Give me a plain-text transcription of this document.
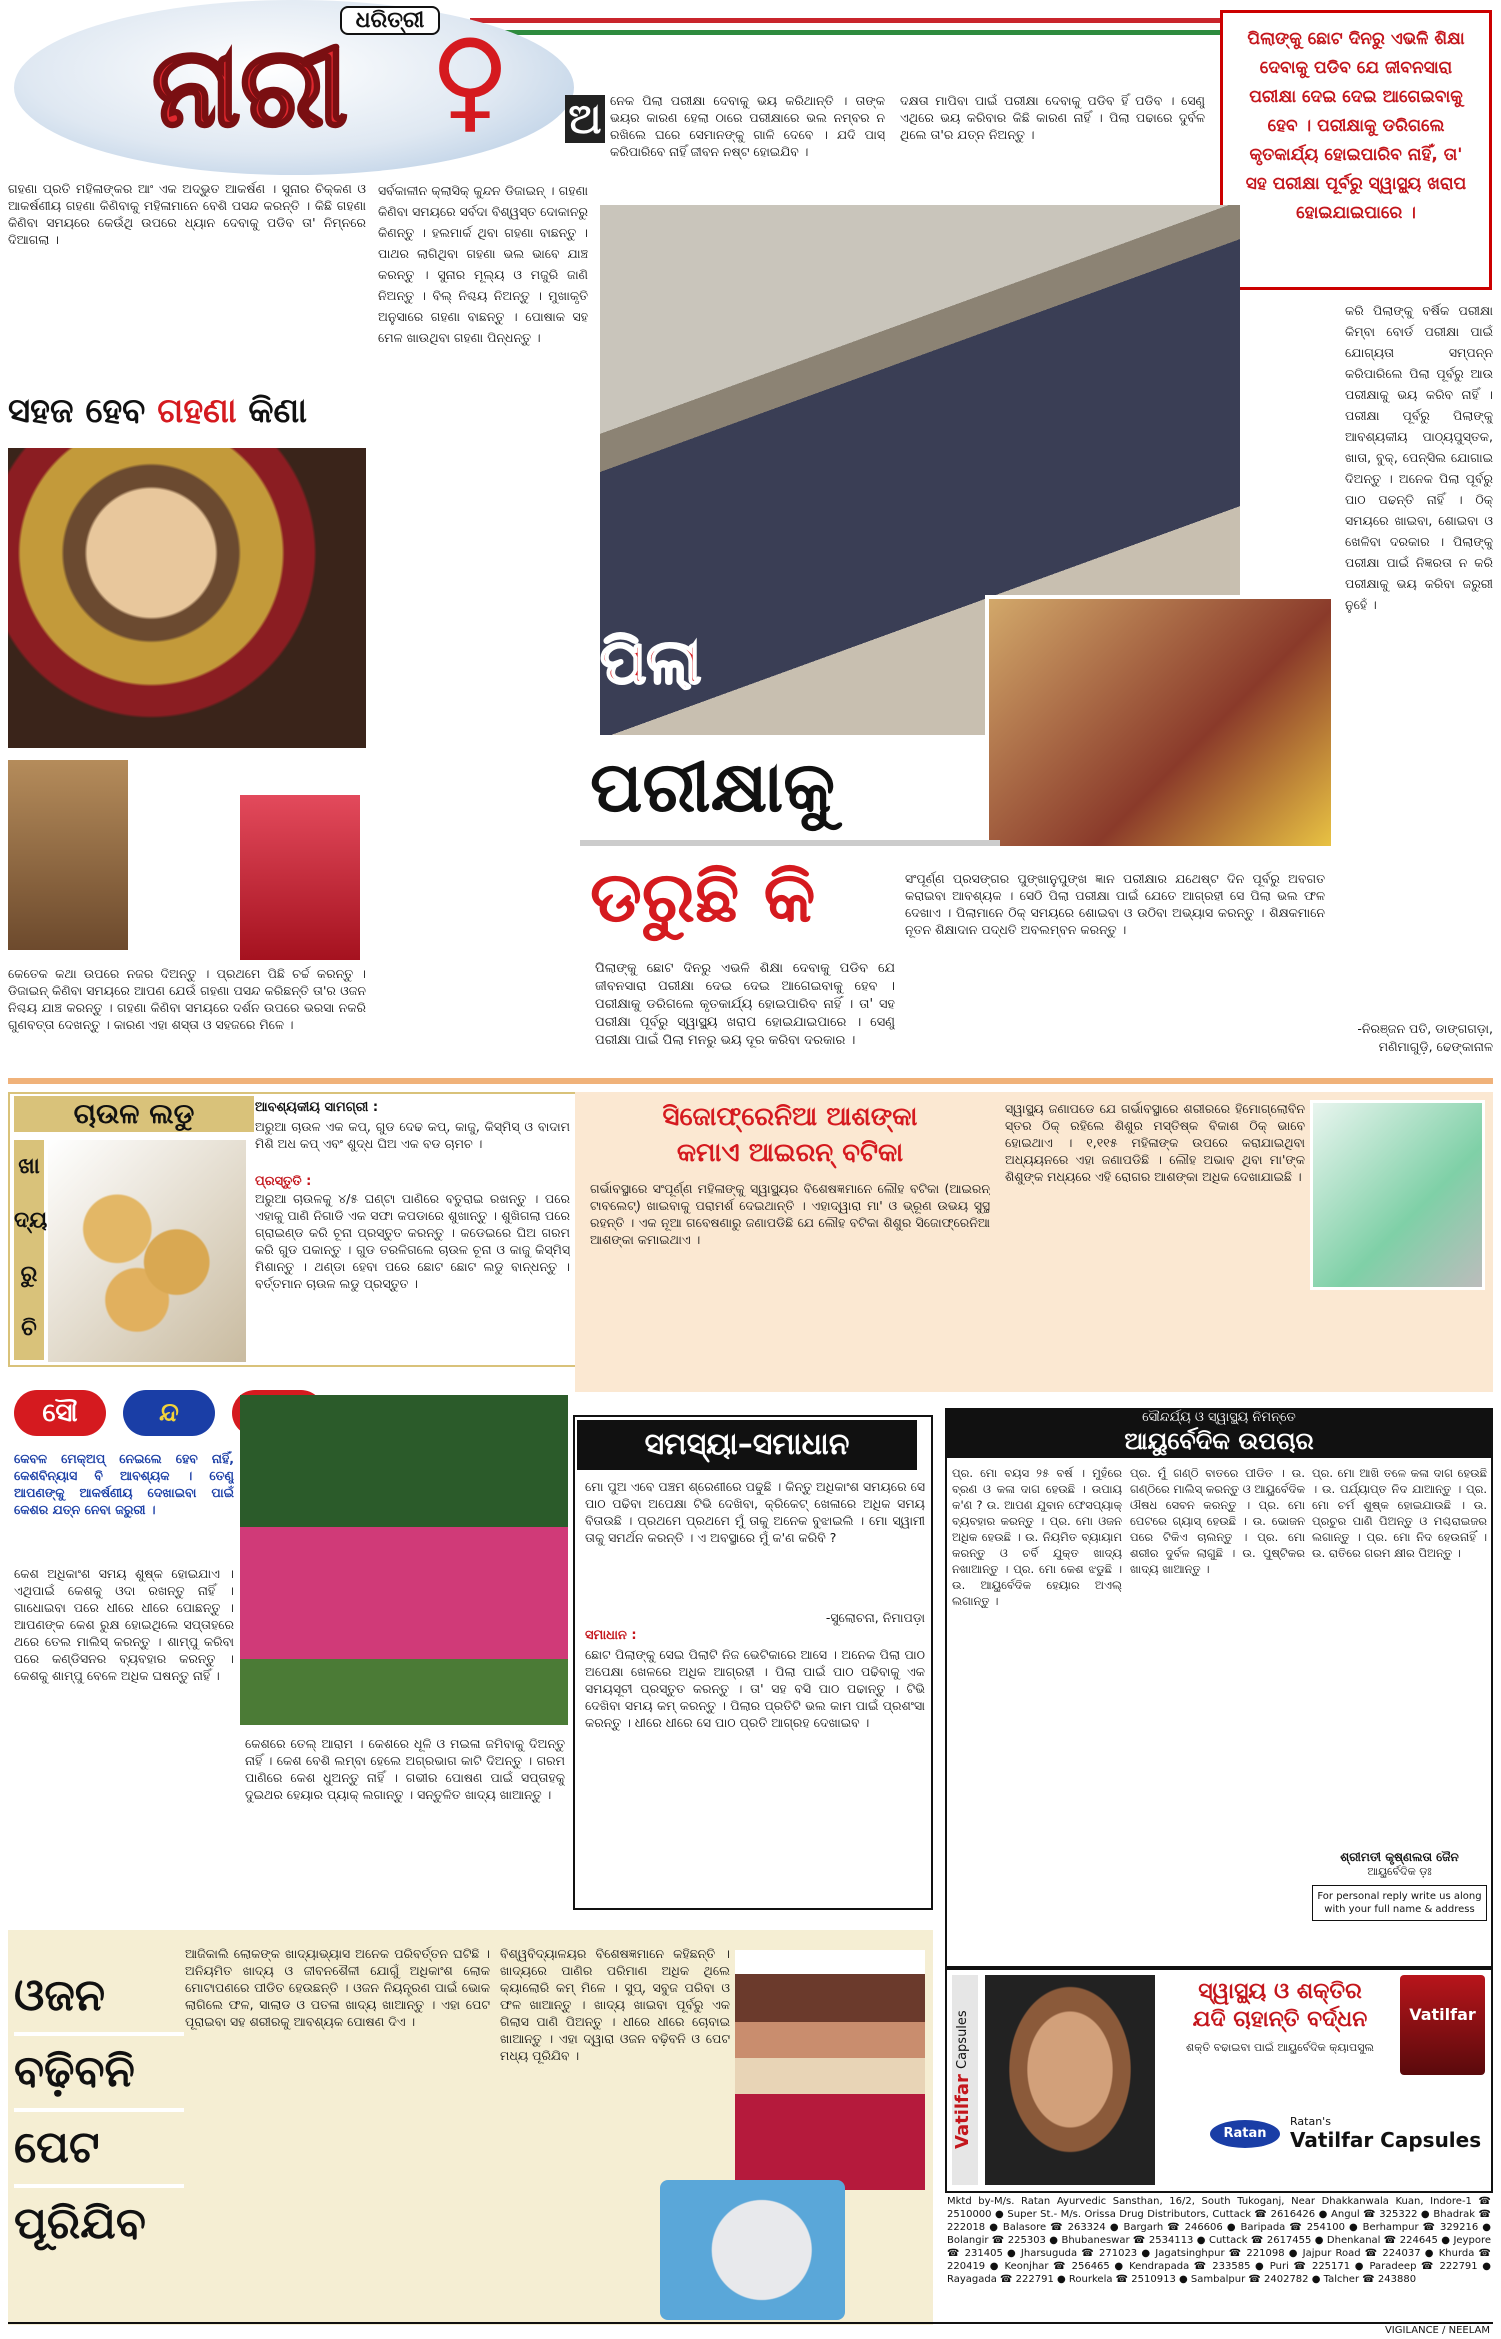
ଧରିତ୍ରୀ
ନାରୀ ♀	ପିଲାଙ୍କୁ ଛୋଟ ଦିନରୁ ଏଭଳି ଶିକ୍ଷା ଦେବାକୁ ପଡିବ ଯେ ଜୀବନସାରା ପରୀକ୍ଷା ଦେଇ ଦେଇ ଆଗେଇବାକୁ ହେବ । ପରୀକ୍ଷାକୁ ଡରିଗଲେ କୃତକାର୍ଯ୍ୟ ହୋଇପାରିବ ନାହିଁ, ତା' ସହ ପରୀକ୍ଷା ପୂର୍ବରୁ ସ୍ୱାସ୍ଥ୍ୟ ଖରାପ ହୋଇଯାଇପାରେ ।
ଅ ନେକ ପିଲା ପରୀକ୍ଷା ଦେବାକୁ ଭୟ କରିଥାନ୍ତି । ତାଙ୍କ ଭୟର କାରଣ ହେଲା ଠାରେ ପରୀକ୍ଷାରେ ଭଲ ନମ୍ବର ନ ରଖିଲେ ଘରେ ସେମାନଙ୍କୁ ଗାଳି ଦେବେ । ଯଦି ପାସ୍ କରିପାରିବେ ନାହିଁ ଜୀବନ ନଷ୍ଟ ହୋଇଯିବ ।
ଦକ୍ଷତା ମାପିବା ପାଇଁ ପରୀକ୍ଷା ଦେବାକୁ ପଡିବ ହିଁ ପଡିବ । ସେଣୁ ଏଥିରେ ଭୟ କରିବାର କିଛି କାରଣ ନାହିଁ । ପିଲା ପଢାରେ ଦୁର୍ବଳ ଥିଲେ ତା'ର ଯତ୍ନ ନିଅନ୍ତୁ ।
ଗହଣା ପ୍ରତି ମହିଳାଙ୍କର ଆଂ ଏକ ଅଦ୍ଭୁତ ଆକର୍ଷଣ । ସୁନାର ଚିକ୍କଣ ଓ ଆକର୍ଷଣୀୟ ଗହଣା କିଣିବାକୁ ମହିଳାମାନେ ବେଶି ପସନ୍ଦ କରନ୍ତି । କିଛି ଗହଣା କିଣିବା ସମୟରେ କେଉଁଥି ଉପରେ ଧ୍ୟାନ ଦେବାକୁ ପଡିବ ତା' ନିମ୍ନରେ ଦିଆଗଲା ।
ସହଜ ହେବ ଗହଣା କିଣା
କେତେକ କଥା ଉପରେ ନଜର ଦିଅନ୍ତୁ । ପ୍ରଥମେ ପିଛି ଚର୍ଚ୍ଚ କରନ୍ତୁ । ଡିଜାଇନ୍ କିଣିବା ସମୟରେ ଆପଣ ଯେଉଁ ଗହଣା ପସନ୍ଦ କରିଛନ୍ତି ତା'ର ଓଜନ ନିଶ୍ଚୟ ଯାଞ୍ଚ କରନ୍ତୁ । ଗହଣା କିଣିବା ସମୟରେ ଦର୍ଶନ ଉପରେ ଭରସା ନକରି ଗୁଣବତ୍ତା ଦେଖନ୍ତୁ । କାରଣ ଏହା ଶସ୍ତା ଓ ସହଜରେ ମିଳେ ।
ସର୍ବକାଳୀନ କ୍ଲାସିକ୍ କୁନ୍ଦନ ଡିଜାଇନ୍ । ଗହଣା କିଣିବା ସମୟରେ ସର୍ବଦା ବିଶ୍ୱସ୍ତ ଦୋକାନରୁ କିଣନ୍ତୁ । ହଲମାର୍କ ଥିବା ଗହଣା ବାଛନ୍ତୁ । ପାଥର ଲାଗିଥିବା ଗହଣା ଭଲ ଭାବେ ଯାଞ୍ଚ କରନ୍ତୁ । ସୁନାର ମୂଲ୍ୟ ଓ ମଜୁରି ଜାଣି ନିଅନ୍ତୁ । ବିଲ୍ ନିଶ୍ଚୟ ନିଅନ୍ତୁ । ମୁଖାକୃତି ଅନୁସାରେ ଗହଣା ବାଛନ୍ତୁ । ପୋଷାକ ସହ ମେଳ ଖାଉଥିବା ଗହଣା ପିନ୍ଧନ୍ତୁ ।
ପିଲା
ପରୀକ୍ଷାକୁ
ଡରୁଛି କି
ପିଲାଙ୍କୁ ଛୋଟ ଦିନରୁ ଏଭଳି ଶିକ୍ଷା ଦେବାକୁ ପଡିବ ଯେ ଜୀବନସାରା ପରୀକ୍ଷା ଦେଇ ଦେଇ ଆଗେଇବାକୁ ହେବ । ପରୀକ୍ଷାକୁ ଡରିଗଲେ କୃତକାର୍ଯ୍ୟ ହୋଇପାରିବ ନାହିଁ । ତା' ସହ ପରୀକ୍ଷା ପୂର୍ବରୁ ସ୍ୱାସ୍ଥ୍ୟ ଖରାପ ହୋଇଯାଇପାରେ । ସେଣୁ ପରୀକ୍ଷା ପାଇଁ ପିଲା ମନରୁ ଭୟ ଦୂର କରିବା ଦରକାର ।
ସଂପୂର୍ଣ୍ଣ ପ୍ରସଙ୍ଗର ପୁଙ୍ଖାନୁପୁଙ୍ଖ ଜ୍ଞାନ ପରୀକ୍ଷାର ଯଥେଷ୍ଟ ଦିନ ପୂର୍ବରୁ ଅବଗତ କରାଇବା ଆବଶ୍ୟକ । ସେଠି ପିଲା ପରୀକ୍ଷା ପାଇଁ ଯେତେ ଆଗ୍ରହୀ ସେ ପିଲା ଭଲ ଫଳ ଦେଖାଏ । ପିଲାମାନେ ଠିକ୍ ସମୟରେ ଶୋଇବା ଓ ଉଠିବା ଅଭ୍ୟାସ କରନ୍ତୁ । ଶିକ୍ଷକମାନେ ନୂତନ ଶିକ୍ଷାଦାନ ପଦ୍ଧତି ଅବଲମ୍ବନ କରନ୍ତୁ ।
କରି ପିଲାଙ୍କୁ ବର୍ଷିକ ପରୀକ୍ଷା କିମ୍ବା ବୋର୍ଡ ପରୀକ୍ଷା ପାଇଁ ଯୋଗ୍ୟତା ସମ୍ପନ୍ନ କରିପାରିଲେ ପିଲା ପୂର୍ବରୁ ଆଉ ପରୀକ୍ଷାକୁ ଭୟ କରିବ ନାହିଁ । ପରୀକ୍ଷା ପୂର୍ବରୁ ପିଲାଙ୍କୁ ଆବଶ୍ୟକୀୟ ପାଠ୍ୟପୁସ୍ତକ, ଖାତା, ବୁକ୍, ପେନ୍ସିଲ ଯୋଗାଇ ଦିଅନ୍ତୁ । ଅନେକ ପିଲା ପୂର୍ବରୁ ପାଠ ପଢନ୍ତି ନାହିଁ । ଠିକ୍ ସମୟରେ ଖାଇବା, ଶୋଇବା ଓ ଖେଳିବା ଦରକାର । ପିଲାଙ୍କୁ ପରୀକ୍ଷା ପାଇଁ ନିଜ୍ଞରତା ନ କରି ପରୀକ୍ଷାକୁ ଭୟ କରିବା ଜରୁରୀ ନୁହେଁ ।
-ନିରଞ୍ଜନ ପତି, ଡାଙ୍ଗଗଡ଼ା, ମଣିମାଗୁଡ଼ି, ଢେଙ୍କାନାଳ
ଚାଉଳ ଲଡୁ
ଖା
ଦ୍ୟ
ରୁ
ଚି
ଆବଶ୍ୟକୀୟ ସାମଗ୍ରୀ :
ଅରୁଆ ଚାଉଳ ଏକ କପ୍, ଗୁଡ ଦେଢ କପ୍, କାଜୁ, କିସ୍‌ମିସ୍ ଓ ବାଦାମ ମିଶି ଅଧ କପ୍ ଏବଂ ଶୁଦ୍ଧ ଘିଅ ଏକ ବଡ ଚାମଚ ।
ପ୍ରସ୍ତୁତି :
ଅରୁଆ ଚାଉଳକୁ ୪/୫ ଘଣ୍ଟା ପାଣିରେ ବତୁରାଇ ରଖନ୍ତୁ । ପରେ ଏହାକୁ ପାଣି ନିଗାଡି ଏକ ସଫା କପଡାରେ ଶୁଖାନ୍ତୁ । ଶୁଖିଗଲା ପରେ ଗ୍ରାଇଣ୍ଡ କରି ଚୂନା ପ୍ରସ୍ତୁତ କରନ୍ତୁ । କଡେଇରେ ଘିଅ ଗରମ କରି ଗୁଡ ପକାନ୍ତୁ । ଗୁଡ ତରଳିଗଲେ ଚାଉଳ ଚୂନା ଓ କାଜୁ କିସ୍‌ମିସ୍ ମିଶାନ୍ତୁ । ଥଣ୍ଡା ହେବା ପରେ ଛୋଟ ଛୋଟ ଲଡୁ ବାନ୍ଧନ୍ତୁ । ବର୍ତ୍ତମାନ ଚାଉଳ ଲଡୁ ପ୍ରସ୍ତୁତ ।
ସିଜୋଫ୍ରେନିଆ ଆଶଙ୍କା
କମାଏ ଆଇରନ୍ ବଟିକା
ଗର୍ଭାବସ୍ଥାରେ ସଂପୂର୍ଣ୍ଣ ମହିଳାଙ୍କୁ ସ୍ୱାସ୍ଥ୍ୟର ବିଶେଷଜ୍ଞମାନେ ଲୌହ ବଟିକା (ଆଇରନ୍ ଟାବଲେଟ୍) ଖାଇବାକୁ ପରାମର୍ଶ ଦେଇଥାନ୍ତି । ଏହାଦ୍ୱାରା ମା' ଓ ଭ୍ରୂଣ ଉଭୟ ସୁସ୍ଥ ରହନ୍ତି । ଏକ ନୂଆ ଗବେଷଣାରୁ ଜଣାପଡିଛି ଯେ ଲୌହ ବଟିକା ଶିଶୁର ସିଜୋଫ୍ରେନିଆ ଆଶଙ୍କା କମାଇଥାଏ ।
ସ୍ୱାସ୍ଥ୍ୟ ଜଣାପଡେ ଯେ ଗର୍ଭାବସ୍ଥାରେ ଶରୀରରେ ହିମୋଗ୍ଲୋବିନ ସ୍ତର ଠିକ୍ ରହିଲେ ଶିଶୁର ମସ୍ତିଷ୍କ ବିକାଶ ଠିକ୍ ଭାବେ ହୋଇଥାଏ । ୧,୧୧୫ ମହିଳାଙ୍କ ଉପରେ କରାଯାଇଥିବା ଅଧ୍ୟୟନରେ ଏହା ଜଣାପଡିଛି । ଲୌହ ଅଭାବ ଥିବା ମା'ଙ୍କ ଶିଶୁଙ୍କ ମଧ୍ୟରେ ଏହି ରୋଗର ଆଶଙ୍କା ଅଧିକ ଦେଖାଯାଇଛି ।
ସୌ	ନ୍ଦ
କେବଳ ମେକ୍‌ଅପ୍ ନେଇଲେ ହେବ ନାହିଁ, କେଶବିନ୍ୟାସ ବି ଆବଶ୍ୟକ । ତେଣୁ ଆପଣଙ୍କୁ ଆକର୍ଷଣୀୟ ଦେଖାଇବା ପାଇଁ କେଶର ଯତ୍ନ ନେବା ଜରୁରୀ ।
କେଶ ଅଧିକାଂଶ ସମୟ ଶୁଷ୍କ ହୋଇଯାଏ । ଏଥିପାଇଁ କେଶକୁ ଓଦା ରଖନ୍ତୁ ନାହିଁ । ଗାଧୋଇବା ପରେ ଧୀରେ ଧୀରେ ପୋଛନ୍ତୁ । ଆପଣଙ୍କ କେଶ ରୁକ୍ଷ ହୋଇଥିଲେ ସପ୍ତାହରେ ଥରେ ତେଲ ମାଲିସ୍ କରନ୍ତୁ । ଶାମ୍ପୁ କରିବା ପରେ କଣ୍ଡିସନର ବ୍ୟବହାର କରନ୍ତୁ । କେଶକୁ ଶାମ୍ପୁ ବେଳେ ଅଧିକ ଘଷନ୍ତୁ ନାହିଁ ।
କେଶରେ ତେଲ୍ ଆରାମ । କେଶରେ ଧୂଳି ଓ ମଇଳା ଜମିବାକୁ ଦିଅନ୍ତୁ ନାହିଁ । କେଶ ବେଶି ଲମ୍ବା ହେଲେ ଅଗ୍ରଭାଗ କାଟି ଦିଅନ୍ତୁ । ଗରମ ପାଣିରେ କେଶ ଧୁଅନ୍ତୁ ନାହିଁ । ଗଭୀର ପୋଷଣ ପାଇଁ ସପ୍ତାହକୁ ଦୁଇଥର ହେୟାର ପ୍ୟାକ୍ ଲଗାନ୍ତୁ । ସନ୍ତୁଳିତ ଖାଦ୍ୟ ଖାଆନ୍ତୁ ।
ସମସ୍ୟା–ସମାଧାନ
ମୋ ପୁଅ ଏବେ ପଞ୍ଚମ ଶ୍ରେଣୀରେ ପଢୁଛି । କିନ୍ତୁ ଅଧିକାଂଶ ସମୟରେ ସେ ପାଠ ପଢିବା ଅପେକ୍ଷା ଟିଭି ଦେଖିବା, କ୍ରିକେଟ୍ ଖେଳାରେ ଅଧିକ ସମୟ ବିତାଉଛି । ପ୍ରଥମେ ପ୍ରଥମେ ମୁଁ ତାକୁ ଅନେକ ବୁଝାଇଲି । ମୋ ସ୍ୱାମୀ ତାକୁ ସମର୍ଥନ କରନ୍ତି । ଏ ଅବସ୍ଥାରେ ମୁଁ କ'ଣ କରିବି ?
-ସୁଲୋଚନା, ନିମାପଡ଼ା
ସମାଧାନ :
ଛୋଟ ପିଲାଙ୍କୁ ସେଇ ପିଲାଟି ନିଜ ଭେଟିକାରେ ଆସେ । ଅନେକ ପିଲା ପାଠ ଅପେକ୍ଷା ଖେଳରେ ଅଧିକ ଆଗ୍ରହୀ । ପିଲା ପାଇଁ ପାଠ ପଢିବାକୁ ଏକ ସମୟସୂଚୀ ପ୍ରସ୍ତୁତ କରନ୍ତୁ । ତା' ସହ ବସି ପାଠ ପଢାନ୍ତୁ । ଟିଭି ଦେଖିବା ସମୟ କମ୍ କରନ୍ତୁ । ପିଲାର ପ୍ରତିଟି ଭଲ କାମ ପାଇଁ ପ୍ରଶଂସା କରନ୍ତୁ । ଧୀରେ ଧୀରେ ସେ ପାଠ ପ୍ରତି ଆଗ୍ରହ ଦେଖାଇବ ।
ସୌନ୍ଦର୍ଯ୍ୟ ଓ ସ୍ୱାସ୍ଥ୍ୟ ନିମନ୍ତେ
ଆୟୁର୍ବେଦିକ ଉପଚାର
ପ୍ର. ମୋ ବୟସ ୨୫ ବର୍ଷ । ମୁହଁରେ ବ୍ରଣ ଓ କଳା ଦାଗ ହେଉଛି । ଉପାୟ କ'ଣ ? ଉ. ଆପଣ ଯୁବାନ ଫେସପ୍ୟାକ୍ ବ୍ୟବହାର କରନ୍ତୁ । ପ୍ର. ମୋ ଓଜନ ଅଧିକ ହେଉଛି । ଉ. ନିୟମିତ ବ୍ୟାୟାମ କରନ୍ତୁ ଓ ଚର୍ବି ଯୁକ୍ତ ଖାଦ୍ୟ ନଖାଆନ୍ତୁ । ପ୍ର. ମୋ କେଶ ଝଡୁଛି । ଉ. ଆୟୁର୍ବେଦିକ ହେୟାର ଅଏଲ୍ ଲଗାନ୍ତୁ ।
ପ୍ର. ମୁଁ ଗଣ୍ଠି ବାତରେ ପୀଡିତ । ଉ. ଗଣ୍ଠିରେ ମାଲିସ୍ କରନ୍ତୁ ଓ ଆୟୁର୍ବେଦିକ ଔଷଧ ସେବନ କରନ୍ତୁ । ପ୍ର. ମୋ ପେଟରେ ଗ୍ୟାସ୍ ହେଉଛି । ଉ. ଭୋଜନ ପରେ ଟିକିଏ ଚାଲନ୍ତୁ । ପ୍ର. ମୋ ଶରୀର ଦୁର୍ବଳ ଲାଗୁଛି । ଉ. ପୁଷ୍ଟିକର ଖାଦ୍ୟ ଖାଆନ୍ତୁ ।
ପ୍ର. ମୋ ଆଖି ତଳେ କଳା ଦାଗ ହେଉଛି । ଉ. ପର୍ଯ୍ୟାପ୍ତ ନିଦ ଯାଆନ୍ତୁ । ପ୍ର. ମୋ ଚର୍ମ ଶୁଷ୍କ ହୋଇଯାଉଛି । ଉ. ପ୍ରଚୁର ପାଣି ପିଅନ୍ତୁ ଓ ମଶ୍ଚରାଇଜର ଲଗାନ୍ତୁ । ପ୍ର. ମୋ ନିଦ ହେଉନାହିଁ । ଉ. ରାତିରେ ଗରମ କ୍ଷୀର ପିଅନ୍ତୁ ।
ଶ୍ରୀମତୀ କୃଷ୍ଣଲତା ଜୈନ
ଆୟୁର୍ବେଦିକ ଡ଼ଃ
For personal reply write us along with your full name & address
Vatilfar Capsules
ସ୍ୱାସ୍ଥ୍ୟ ଓ ଶକ୍ତିର
ଯଦି ଚାହାନ୍ତି ବର୍ଦ୍ଧନ
ଶକ୍ତି ବଢାଇବା ପାଇଁ ଆୟୁର୍ବେଦିକ କ୍ୟାପସୁଲ
Vatilfar
Ratan
Ratan's
Vatilfar Capsules
Mktd by-M/s. Ratan Ayurvedic Sansthan, 16/2, South Tukoganj, Near Dhakkanwala Kuan, Indore-1 ☎ 2510000 ● Super St.- M/s. Orissa Drug Distributors, Cuttack ☎ 2616426 ● Angul ☎ 325322 ● Bhadrak ☎ 222018 ● Balasore ☎ 263324 ● Bargarh ☎ 246606 ● Baripada ☎ 254100 ● Berhampur ☎ 329216 ● Bolangir ☎ 225303 ● Bhubaneswar ☎ 2534113 ● Cuttack ☎ 2617455 ● Dhenkanal ☎ 224645 ● Jeypore ☎ 231405 ● Jharsuguda ☎ 271023 ● Jagatsinghpur ☎ 221098 ● Jajpur Road ☎ 224037 ● Khurda ☎ 220419 ● Keonjhar ☎ 256465 ● Kendrapada ☎ 233585 ● Puri ☎ 225171 ● Paradeep ☎ 222791 ● Rayagada ☎ 222791 ● Rourkela ☎ 2510913 ● Sambalpur ☎ 2402782 ● Talcher ☎ 243880
ଓଜନ
ବଢ଼ିବନି
ପେଟ
ପୂରିଯିବ
ଆଜିକାଲି ଲୋକଙ୍କ ଖାଦ୍ୟାଭ୍ୟାସ ଅନେକ ପରିବର୍ତ୍ତନ ଘଟିଛି । ଅନିୟମିତ ଖାଦ୍ୟ ଓ ଜୀବନଶୈଳୀ ଯୋଗୁଁ ଅଧିକାଂଶ ଲୋକ ମୋଟାପଣରେ ପୀଡିତ ହେଉଛନ୍ତି । ଓଜନ ନିୟନ୍ତ୍ରଣ ପାଇଁ ଭୋକ ଲାଗିଲେ ଫଳ, ସାଲାଡ ଓ ପତଳା ଖାଦ୍ୟ ଖାଆନ୍ତୁ । ଏହା ପେଟ ପୂରାଇବା ସହ ଶରୀରକୁ ଆବଶ୍ୟକ ପୋଷଣ ଦିଏ ।
ବିଶ୍ୱବିଦ୍ୟାଳୟର ବିଶେଷଜ୍ଞମାନେ କହିଛନ୍ତି । ଖାଦ୍ୟରେ ପାଣିର ପରିମାଣ ଅଧିକ ଥିଲେ କ୍ୟାଲୋରି କମ୍ ମିଳେ । ସୁପ୍, ସବୁଜ ପରିବା ଓ ଫଳ ଖାଆନ୍ତୁ । ଖାଦ୍ୟ ଖାଇବା ପୂର୍ବରୁ ଏକ ଗିଲାସ ପାଣି ପିଅନ୍ତୁ । ଧୀରେ ଧୀରେ ଚୋବାଇ ଖାଆନ୍ତୁ । ଏହା ଦ୍ୱାରା ଓଜନ ବଢ଼ିବନି ଓ ପେଟ ମଧ୍ୟ ପୂରିଯିବ ।
VIGILANCE / NEELAM
